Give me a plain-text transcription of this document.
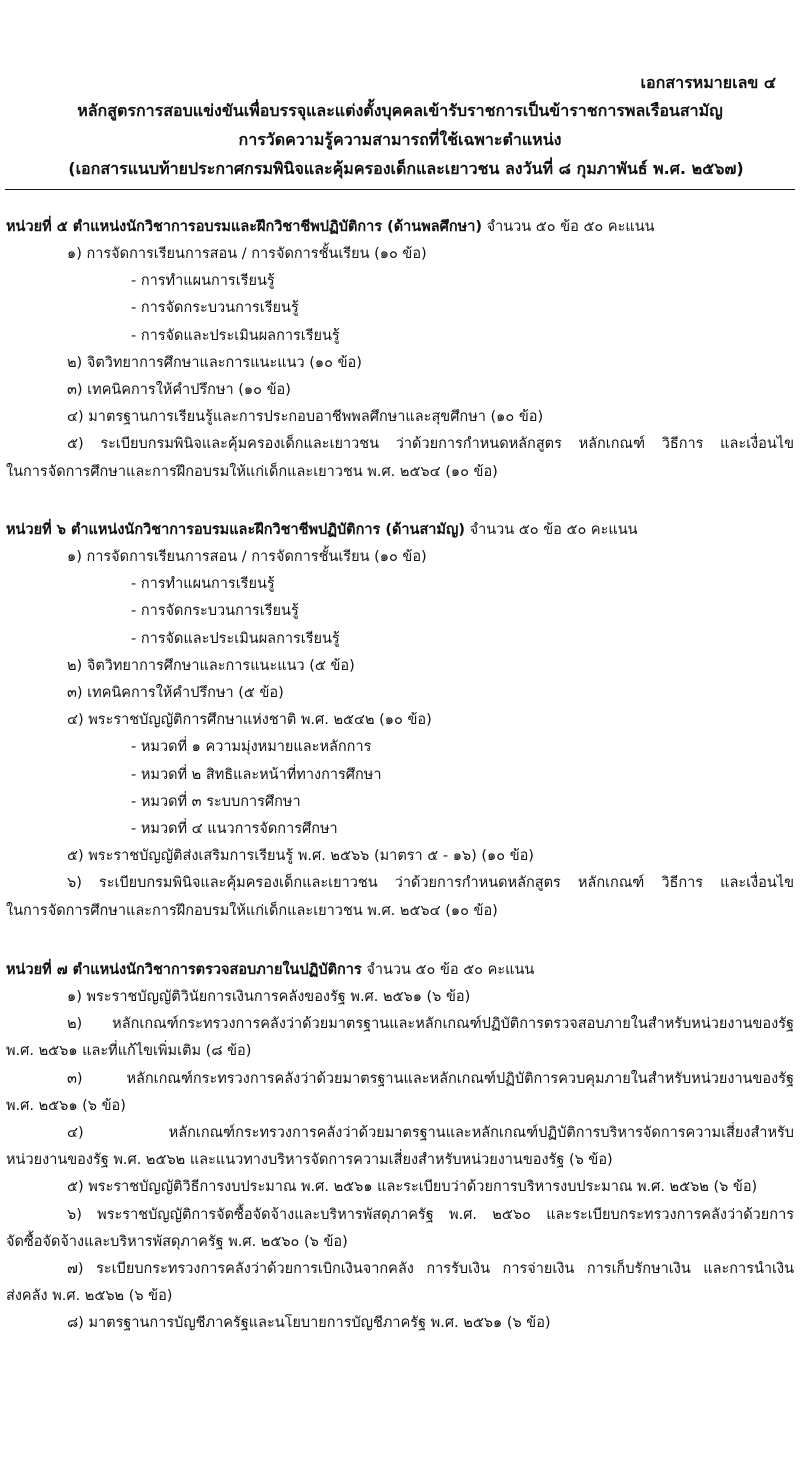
เอกสารหมายเลข ๔
หลักสูตรการสอบแข่งขันเพื่อบรรจุและแต่งตั้งบุคคลเข้ารับราชการเป็นข้าราชการพลเรือนสามัญ
การวัดความรู้ความสามารถที่ใช้เฉพาะตำแหน่ง
(เอกสารแนบท้ายประกาศกรมพินิจและคุ้มครองเด็กและเยาวชน ลงวันที่ ๘ กุมภาพันธ์ พ.ศ. ๒๕๖๗)
หน่วยที่ ๕ ตำแหน่งนักวิชาการอบรมและฝึกวิชาชีพปฏิบัติการ (ด้านพลศึกษา) จำนวน ๕๐ ข้อ ๕๐ คะแนน
๑) การจัดการเรียนการสอน / การจัดการชั้นเรียน (๑๐ ข้อ)
- การทำแผนการเรียนรู้
- การจัดกระบวนการเรียนรู้
- การจัดและประเมินผลการเรียนรู้
๒) จิตวิทยาการศึกษาและการแนะแนว (๑๐ ข้อ)
๓) เทคนิคการให้คำปรึกษา (๑๐ ข้อ)
๔) มาตรฐานการเรียนรู้และการประกอบอาชีพพลศึกษาและสุขศึกษา (๑๐ ข้อ)
๕) ระเบียบกรมพินิจและคุ้มครองเด็กและเยาวชน ว่าด้วยการกำหนดหลักสูตร หลักเกณฑ์ วิธีการ และเงื่อนไข
ในการจัดการศึกษาและการฝึกอบรมให้แก่เด็กและเยาวชน พ.ศ. ๒๕๖๔ (๑๐ ข้อ)
หน่วยที่ ๖ ตำแหน่งนักวิชาการอบรมและฝึกวิชาชีพปฏิบัติการ (ด้านสามัญ) จำนวน ๕๐ ข้อ ๕๐ คะแนน
๑) การจัดการเรียนการสอน / การจัดการชั้นเรียน (๑๐ ข้อ)
- การทำแผนการเรียนรู้
- การจัดกระบวนการเรียนรู้
- การจัดและประเมินผลการเรียนรู้
๒) จิตวิทยาการศึกษาและการแนะแนว (๕ ข้อ)
๓) เทคนิคการให้คำปรึกษา (๕ ข้อ)
๔) พระราชบัญญัติการศึกษาแห่งชาติ พ.ศ. ๒๕๔๒ (๑๐ ข้อ)
- หมวดที่ ๑ ความมุ่งหมายและหลักการ
- หมวดที่ ๒ สิทธิและหน้าที่ทางการศึกษา
- หมวดที่ ๓ ระบบการศึกษา
- หมวดที่ ๔ แนวการจัดการศึกษา
๕) พระราชบัญญัติส่งเสริมการเรียนรู้ พ.ศ. ๒๕๖๖ (มาตรา ๕ - ๑๖) (๑๐ ข้อ)
๖) ระเบียบกรมพินิจและคุ้มครองเด็กและเยาวชน ว่าด้วยการกำหนดหลักสูตร หลักเกณฑ์ วิธีการ และเงื่อนไข
ในการจัดการศึกษาและการฝึกอบรมให้แก่เด็กและเยาวชน พ.ศ. ๒๕๖๔ (๑๐ ข้อ)
หน่วยที่ ๗ ตำแหน่งนักวิชาการตรวจสอบภายในปฏิบัติการ จำนวน ๕๐ ข้อ ๕๐ คะแนน
๑) พระราชบัญญัติวินัยการเงินการคลังของรัฐ พ.ศ. ๒๕๖๑ (๖ ข้อ)
๒) หลักเกณฑ์กระทรวงการคลังว่าด้วยมาตรฐานและหลักเกณฑ์ปฏิบัติการตรวจสอบภายในสำหรับหน่วยงานของรัฐ
พ.ศ. ๒๕๖๑ และที่แก้ไขเพิ่มเติม (๘ ข้อ)
๓) หลักเกณฑ์กระทรวงการคลังว่าด้วยมาตรฐานและหลักเกณฑ์ปฏิบัติการควบคุมภายในสำหรับหน่วยงานของรัฐ
พ.ศ. ๒๕๖๑ (๖ ข้อ)
๔) หลักเกณฑ์กระทรวงการคลังว่าด้วยมาตรฐานและหลักเกณฑ์ปฏิบัติการบริหารจัดการความเสี่ยงสำหรับ
หน่วยงานของรัฐ พ.ศ. ๒๕๖๒ และแนวทางบริหารจัดการความเสี่ยงสำหรับหน่วยงานของรัฐ (๖ ข้อ)
๕) พระราชบัญญัติวิธีการงบประมาณ พ.ศ. ๒๕๖๑ และระเบียบว่าด้วยการบริหารงบประมาณ พ.ศ. ๒๕๖๒ (๖ ข้อ)
๖) พระราชบัญญัติการจัดซื้อจัดจ้างและบริหารพัสดุภาครัฐ พ.ศ. ๒๕๖๐ และระเบียบกระทรวงการคลังว่าด้วยการ
จัดซื้อจัดจ้างและบริหารพัสดุภาครัฐ พ.ศ. ๒๕๖๐ (๖ ข้อ)
๗) ระเบียบกระทรวงการคลังว่าด้วยการเบิกเงินจากคลัง การรับเงิน การจ่ายเงิน การเก็บรักษาเงิน และการนำเงิน
ส่งคลัง พ.ศ. ๒๕๖๒ (๖ ข้อ)
๘) มาตรฐานการบัญชีภาครัฐและนโยบายการบัญชีภาครัฐ พ.ศ. ๒๕๖๑ (๖ ข้อ)
